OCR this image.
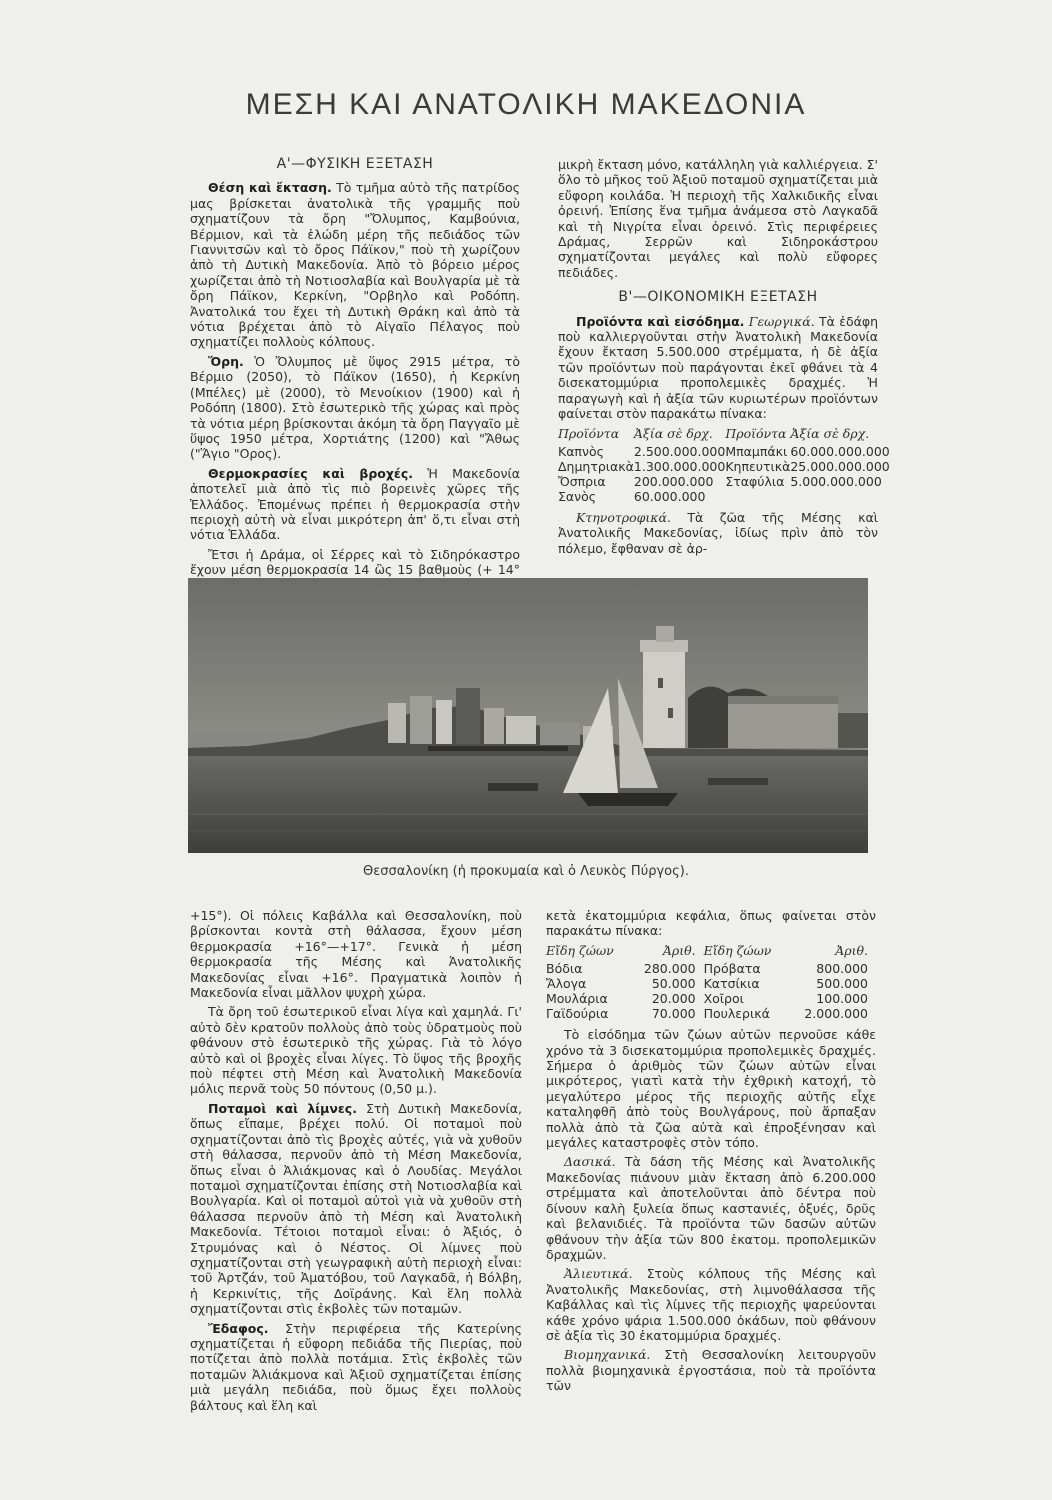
ΜΕΣΗ ΚΑΙ ΑΝΑΤΟΛΙΚΗ ΜΑΚΕΔΟΝΙΑ
Α'—ΦΥΣΙΚΗ ΕΞΕΤΑΣΗ

Θέση καὶ ἔκταση. Τὸ τμῆμα αὐτὸ τῆς πατρίδος μας βρίσκεται ἀνατολικὰ τῆς γραμμῆς ποὺ σχηματίζουν τὰ ὄρη "Ὄλυμπος, Καμβούνια, Βέρμιον, καὶ τὰ ἑλώδη μέρη τῆς πεδιάδος τῶν Γιαννιτσῶν καὶ τὸ ὄρος Πάϊκον," ποὺ τὴ χωρίζουν ἀπὸ τὴ Δυτικὴ Μακεδονία. Ἀπὸ τὸ βόρειο μέρος χωρίζεται ἀπὸ τὴ Νοτιοσλαβία καὶ Βουλγαρία μὲ τὰ ὄρη Πάϊκον, Κερκίνη, "Ορβηλο καὶ Ροδόπη. Ἀνατολικά του ἔχει τὴ Δυτικὴ Θράκη καὶ ἀπὸ τὰ νότια βρέχεται ἀπὸ τὸ Αἰγαῖο Πέλαγος ποὺ σχηματίζει πολλοὺς κόλπους.

Ὄρη. Ὁ Ὄλυμπος μὲ ὕψος 2915 μέτρα, τὸ Βέρμιο (2050), τὸ Πάϊκον (1650), ἡ Κερκίνη (Μπέλες) μὲ (2000), τὸ Μενοίκιον (1900) καὶ ἡ Ροδόπη (1800). Στὸ ἐσωτερικὸ τῆς χώρας καὶ πρὸς τὰ νότια μέρη βρίσκονται ἀκόμη τὰ ὄρη Παγγαῖο μὲ ὕψος 1950 μέτρα, Χορτιάτης (1200) καὶ "Ἄθως ("Ἅγιο "Ορος).

Θερμοκρασίες καὶ βροχές. Ἡ Μακεδονία ἀποτελεῖ μιὰ ἀπὸ τὶς πιὸ βορεινὲς χῶρες τῆς Ἑλλάδος. Ἐπομένως πρέπει ἡ θερμοκρασία στὴν περιοχὴ αὐτὴ νὰ εἶναι μικρότερη ἀπ' ὅ,τι εἶναι στὴ νότια Ἑλλάδα.

Ἔτσι ἡ Δράμα, οἱ Σέρρες καὶ τὸ Σιδηρόκαστρο ἔχουν μέση θερμοκρασία 14 ὣς 15 βαθμοὺς (+ 14°

μικρὴ ἔκταση μόνο, κατάλληλη γιὰ καλλιέργεια. Σ' ὅλο τὸ μῆκος τοῦ Ἀξιοῦ ποταμοῦ σχηματίζεται μιὰ εὔφορη κοιλάδα. Ἡ περιοχὴ τῆς Χαλκιδικῆς εἶναι ὀρεινή. Ἐπίσης ἕνα τμῆμα ἀνάμεσα στὸ Λαγκαδᾶ καὶ τὴ Νιγρίτα εἶναι ὀρεινό. Στὶς περιφέρειες Δράμας, Σερρῶν καὶ Σιδηροκάστρου σχηματίζονται μεγάλες καὶ πολὺ εὔφορες πεδιάδες.

Β'—ΟΙΚΟΝΟΜΙΚΗ ΕΞΕΤΑΣΗ

Προϊόντα καὶ εἰσόδημα. Γεωργικά. Τὰ ἐδάφη ποὺ καλλιεργοῦνται στὴν Ἀνατολικὴ Μακεδονία ἔχουν ἔκταση 5.500.000 στρέμματα, ἡ δὲ ἀξία τῶν προϊόντων ποὺ παράγονται ἐκεῖ φθάνει τὰ 4 δισεκατομμύρια προπολεμικὲς δραχμές. Ἡ παραγωγὴ καὶ ἡ ἀξία τῶν κυριωτέρων προϊόντων φαίνεται στὸν παρακάτω πίνακα:

Προϊόντα	Ἀξία σὲ δρχ.	Προϊόντα	Ἀξία σὲ δρχ.
Καπνὸς	2.500.000.000	Μπαμπάκι	60.000.000.000
Δημητριακὰ	1.300.000.000	Κηπευτικὰ	25.000.000.000
Ὄσπρια	200.000.000	Σταφύλια	5.000.000.000
Σανὸς	60.000.000		

Κτηνοτροφικά. Τὰ ζῶα τῆς Μέσης καὶ Ἀνατολικῆς Μακεδονίας, ἰδίως πρὶν ἀπὸ τὸν πόλεμο, ἔφθαναν σὲ ἀρ-

Θεσσαλονίκη (ἡ προκυμαία καὶ ὁ Λευκὸς Πύργος).

+15°). Οἱ πόλεις Καβάλλα καὶ Θεσσαλονίκη, ποὺ βρίσκονται κοντὰ στὴ θάλασσα, ἔχουν μέση θερμοκρασία +16°—+17°. Γενικὰ ἡ μέση θερμοκρασία τῆς Μέσης καὶ Ἀνατολικῆς Μακεδονίας εἶναι +16°. Πραγματικὰ λοιπὸν ἡ Μακεδονία εἶναι μᾶλλον ψυχρὴ χώρα.

Τὰ ὄρη τοῦ ἐσωτερικοῦ εἶναι λίγα καὶ χαμηλά. Γι' αὐτὸ δὲν κρατοῦν πολλοὺς ἀπὸ τοὺς ὑδρατμοὺς ποὺ φθάνουν στὸ ἐσωτερικὸ τῆς χώρας. Γιὰ τὸ λόγο αὐτὸ καὶ οἱ βροχὲς εἶναι λίγες. Τὸ ὕψος τῆς βροχῆς ποὺ πέφτει στὴ Μέση καὶ Ἀνατολικὴ Μακεδονία μόλις περνᾶ τοὺς 50 πόντους (0,50 μ.).

Ποταμοὶ καὶ λίμνες. Στὴ Δυτικὴ Μακεδονία, ὅπως εἴπαμε, βρέχει πολύ. Οἱ ποταμοὶ ποὺ σχηματίζονται ἀπὸ τὶς βροχὲς αὐτές, γιὰ νὰ χυθοῦν στὴ θάλασσα, περνοῦν ἀπὸ τὴ Μέση Μακεδονία, ὅπως εἶναι ὁ Ἀλιάκμονας καὶ ὁ Λουδίας. Μεγάλοι ποταμοὶ σχηματίζονται ἐπίσης στὴ Νοτιοσλαβία καὶ Βουλγαρία. Καὶ οἱ ποταμοὶ αὐτοὶ γιὰ νὰ χυθοῦν στὴ θάλασσα περνοῦν ἀπὸ τὴ Μέση καὶ Ἀνατολικὴ Μακεδονία. Τέτοιοι ποταμοὶ εἶναι: ὁ Ἀξιός, ὁ Στρυμόνας καὶ ὁ Νέστος. Οἱ λίμνες ποὺ σχηματίζονται στὴ γεωγραφικὴ αὐτὴ περιοχὴ εἶναι: τοῦ Ἀρτζάν, τοῦ Ἀματόβου, τοῦ Λαγκαδᾶ, ἡ Βόλβη, ἡ Κερκινίτις, τῆς Δοϊράνης. Καὶ ἕλη πολλὰ σχηματίζονται στὶς ἐκβολὲς τῶν ποταμῶν.

Ἔδαφος. Στὴν περιφέρεια τῆς Κατερίνης σχηματίζεται ἡ εὔφορη πεδιάδα τῆς Πιερίας, ποὺ ποτίζεται ἀπὸ πολλὰ ποτάμια. Στὶς ἐκβολὲς τῶν ποταμῶν Ἀλιάκμονα καὶ Ἀξιοῦ σχηματίζεται ἐπίσης μιὰ μεγάλη πεδιάδα, ποὺ ὅμως ἔχει πολλοὺς βάλτους καὶ ἕλη καὶ

κετὰ ἑκατομμύρια κεφάλια, ὅπως φαίνεται στὸν παρακάτω πίνακα:

Εἴδη ζώων	Ἀριθ.	Εἴδη ζώων	Ἀριθ.
Βόδια	280.000	Πρόβατα	800.000
Ἄλογα	50.000	Κατσίκια	500.000
Μουλάρια	20.000	Χοῖροι	100.000
Γαϊδούρια	70.000	Πουλερικά	2.000.000

Τὸ εἰσόδημα τῶν ζώων αὐτῶν περνοῦσε κάθε χρόνο τὰ 3 δισεκατομμύρια προπολεμικὲς δραχμές. Σήμερα ὁ ἀριθμὸς τῶν ζώων αὐτῶν εἶναι μικρότερος, γιατὶ κατὰ τὴν ἐχθρικὴ κατοχή, τὸ μεγαλύτερο μέρος τῆς περιοχῆς αὐτῆς εἶχε καταληφθῆ ἀπὸ τοὺς Βουλγάρους, ποὺ ἅρπαξαν πολλὰ ἀπὸ τὰ ζῶα αὐτὰ καὶ ἐπροξένησαν καὶ μεγάλες καταστροφὲς στὸν τόπο.

Δασικά. Τὰ δάση τῆς Μέσης καὶ Ἀνατολικῆς Μακεδονίας πιάνουν μιὰν ἔκταση ἀπὸ 6.200.000 στρέμματα καὶ ἀποτελοῦνται ἀπὸ δέντρα ποὺ δίνουν καλὴ ξυλεία ὅπως καστανιές, ὀξυές, δρῦς καὶ βελανιδιές. Τὰ προϊόντα τῶν δασῶν αὐτῶν φθάνουν τὴν ἀξία τῶν 800 ἑκατομ. προπολεμικῶν δραχμῶν.

Ἀλιευτικά. Στοὺς κόλπους τῆς Μέσης καὶ Ἀνατολικῆς Μακεδονίας, στὴ λιμνοθάλασσα τῆς Καβάλλας καὶ τὶς λίμνες τῆς περιοχῆς ψαρεύονται κάθε χρόνο ψάρια 1.500.000 ὀκάδων, ποὺ φθάνουν σὲ ἀξία τὶς 30 ἑκατομμύρια δραχμές.

Βιομηχανικά. Στὴ Θεσσαλονίκη λειτουργοῦν πολλὰ βιομηχανικὰ ἐργοστάσια, ποὺ τὰ προϊόντα τῶν
